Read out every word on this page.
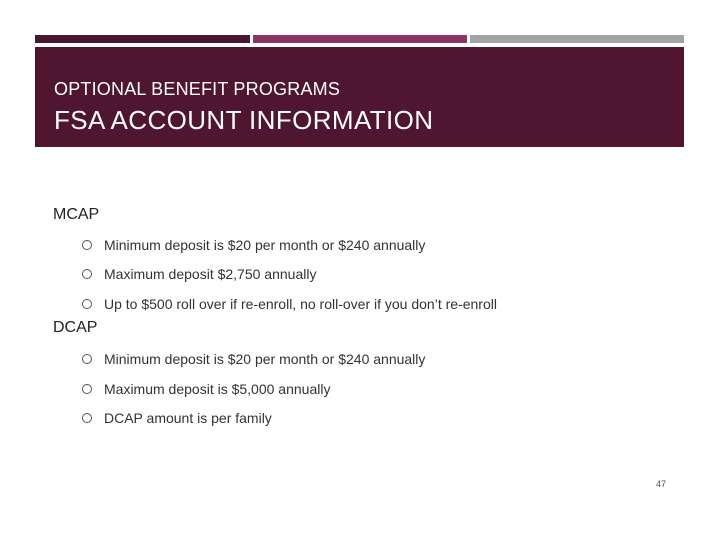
OPTIONAL BENEFIT PROGRAMS
FSA ACCOUNT INFORMATION
MCAP
Minimum deposit is $20 per month or $240 annually
Maximum deposit $2,750 annually
Up to $500 roll over if re-enroll, no roll-over if you don’t re-enroll
DCAP
Minimum deposit is $20 per month or $240 annually
Maximum deposit is $5,000 annually
DCAP amount is per family
47
